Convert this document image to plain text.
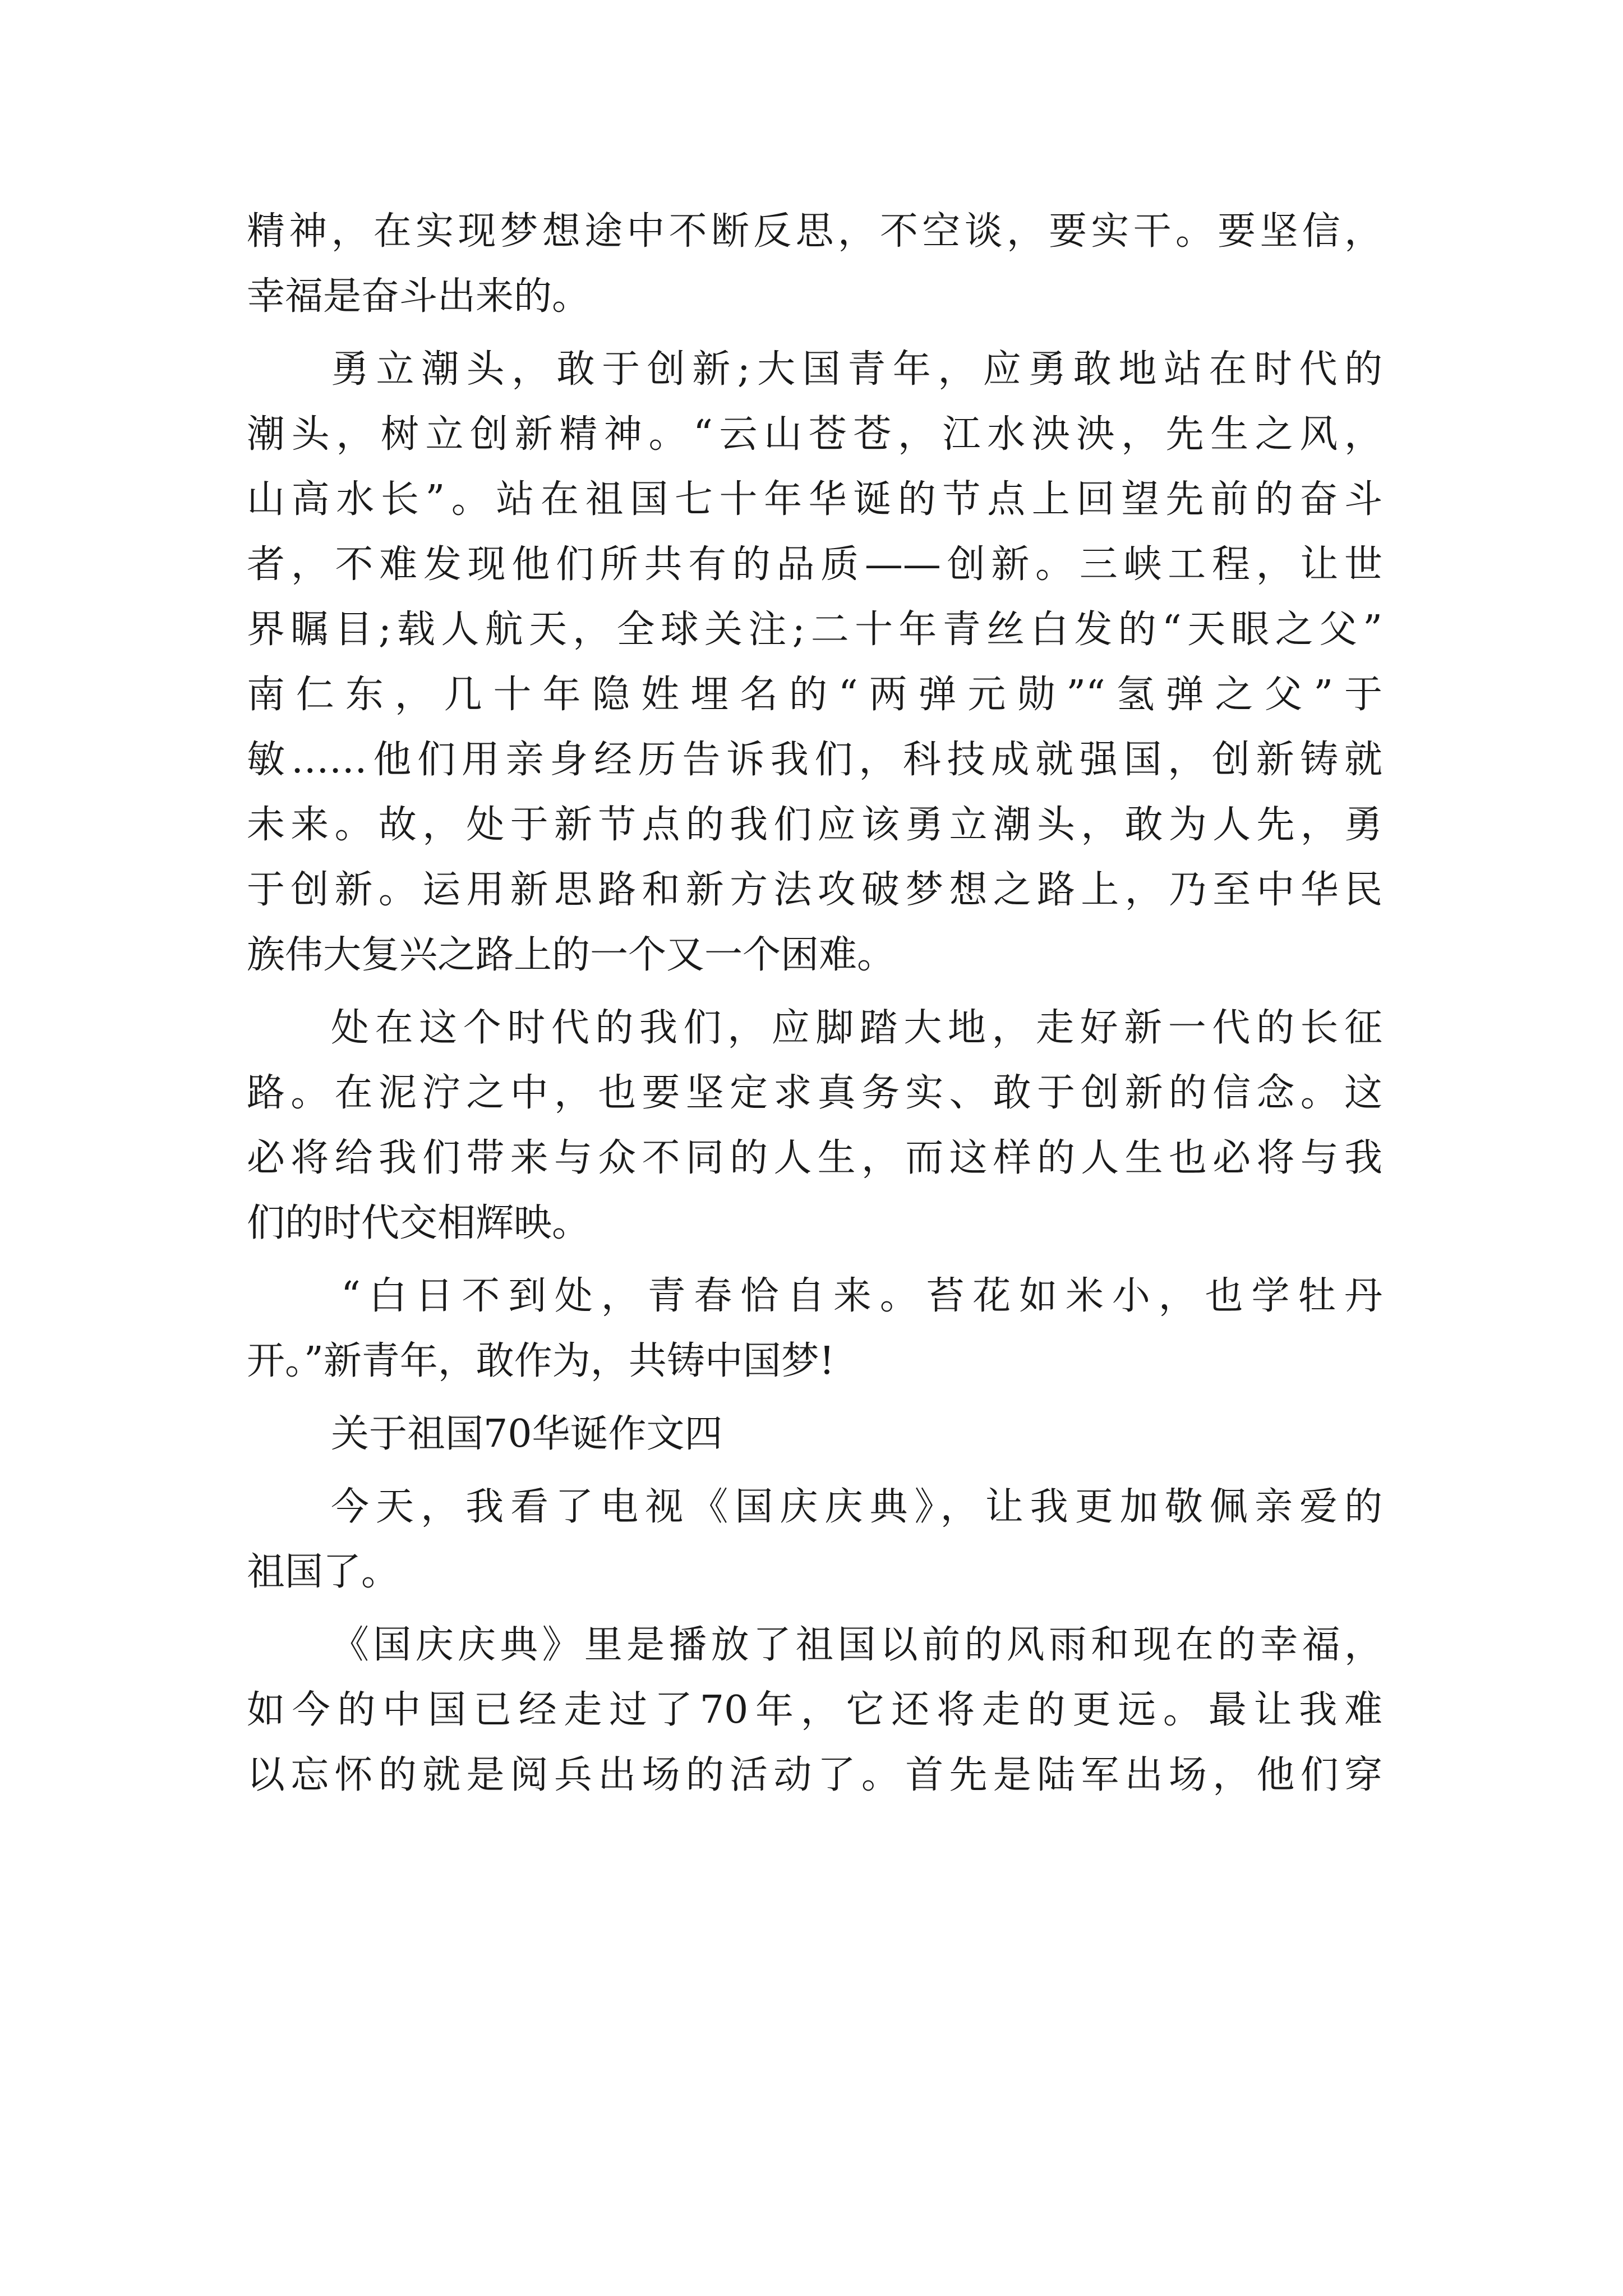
精神，在实现梦想途中不断反思，不空谈，要实干。要坚信，
幸福是奋斗出来的。
勇立潮头，敢于创新;大国青年，应勇敢地站在时代的
潮头，树立创新精神。“云山苍苍，江水泱泱，先生之风，
山高水长”。站在祖国七十年华诞的节点上回望先前的奋斗
者，不难发现他们所共有的品质——创新。三峡工程，让世
界瞩目;载人航天，全球关注;二十年青丝白发的“天眼之父”
南仁东，几十年隐姓埋名的“两弹元勋”“氢弹之父”于
敏……他们用亲身经历告诉我们，科技成就强国，创新铸就
未来。故，处于新节点的我们应该勇立潮头，敢为人先，勇
于创新。运用新思路和新方法攻破梦想之路上，乃至中华民
族伟大复兴之路上的一个又一个困难。
处在这个时代的我们，应脚踏大地，走好新一代的长征
路。在泥泞之中，也要坚定求真务实、敢于创新的信念。这
必将给我们带来与众不同的人生，而这样的人生也必将与我
们的时代交相辉映。
“白日不到处，青春恰自来。苔花如米小，也学牡丹
开。”新青年，敢作为，共铸中国梦!
关于祖国70华诞作文四
今天，我看了电视《国庆庆典》，让我更加敬佩亲爱的
祖国了。
《国庆庆典》里是播放了祖国以前的风雨和现在的幸福，
如今的中国已经走过了70年，它还将走的更远。最让我难
以忘怀的就是阅兵出场的活动了。首先是陆军出场，他们穿
